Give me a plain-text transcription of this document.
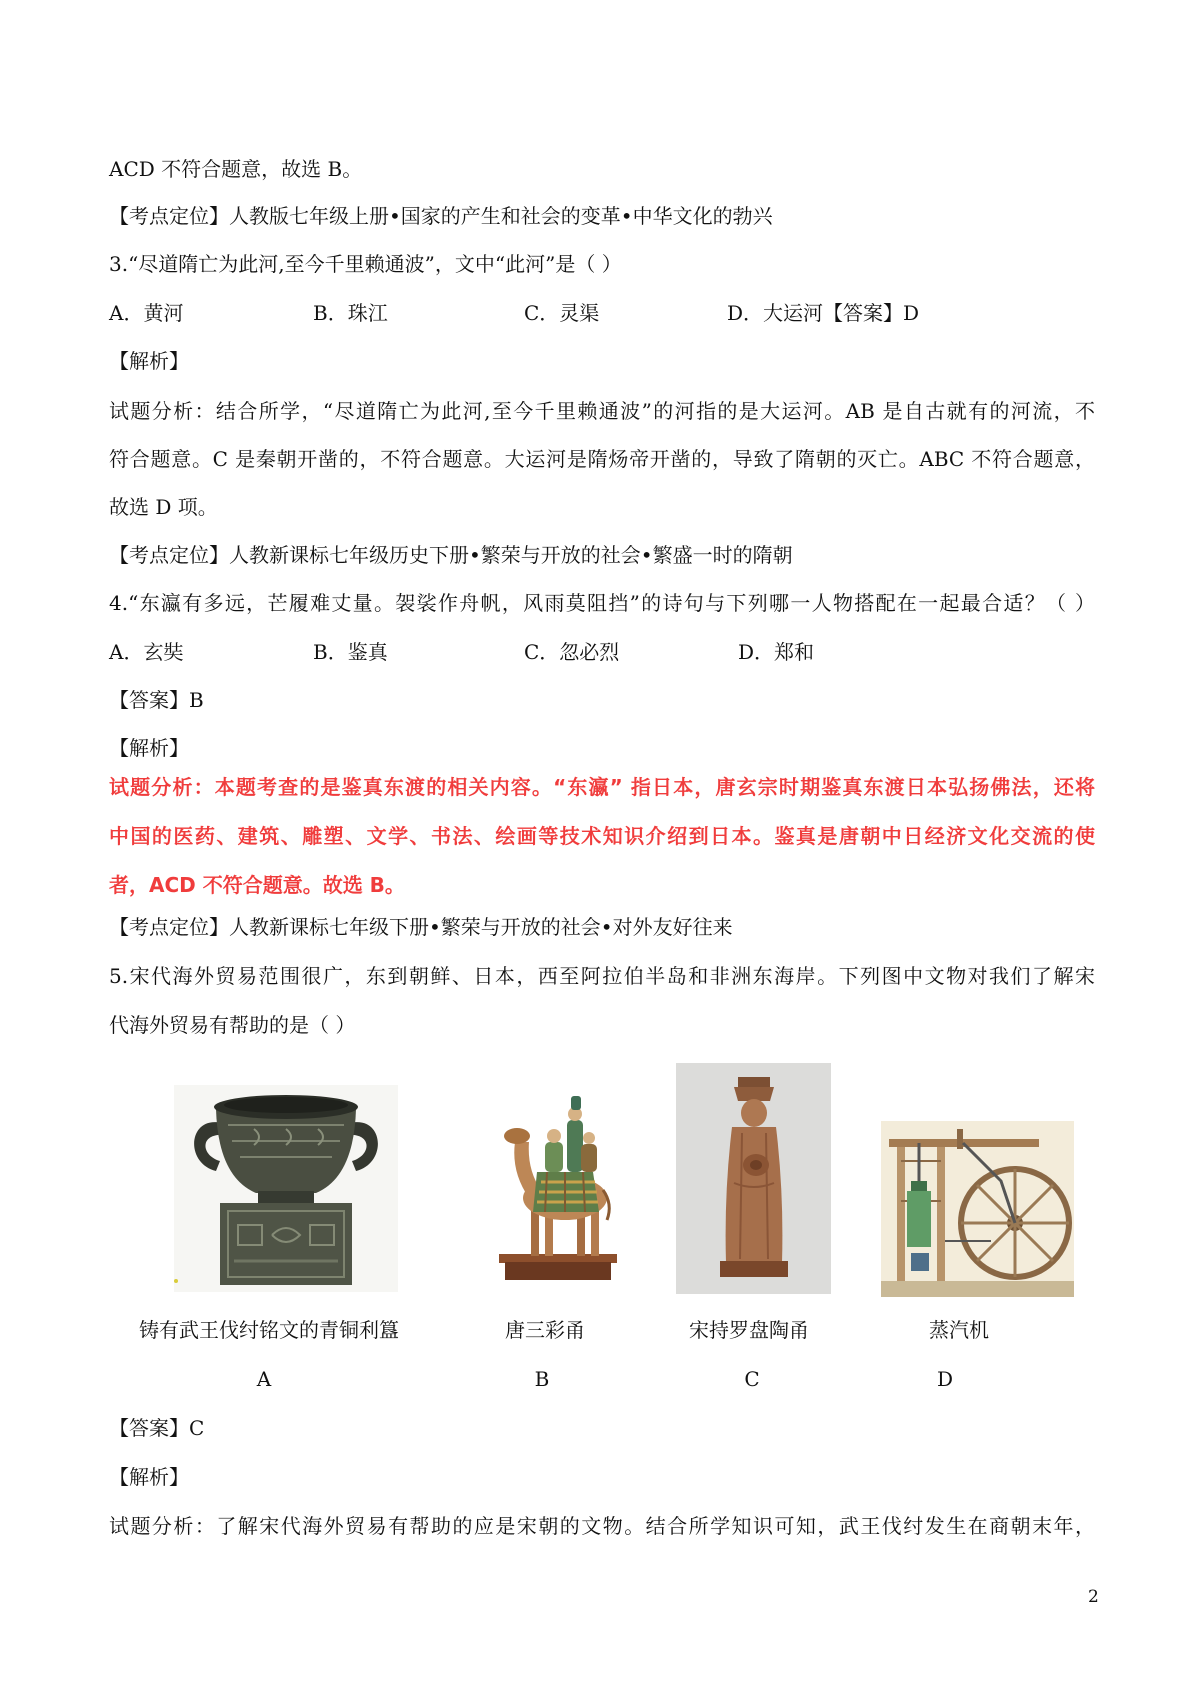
ACD 不符合题意，故选 B。
【考点定位】人教版七年级上册•国家的产生和社会的变革•中华文化的勃兴
3.“尽道隋亡为此河,至今千里赖通波”，文中“此河”是（ ）
A．黄河	B．珠江	C．灵渠	D．大运河【答案】D
【解析】
试题分析：结合所学，“尽道隋亡为此河,至今千里赖通波”的河指的是大运河。AB 是自古就有的河流，不
符合题意。C 是秦朝开凿的，不符合题意。大运河是隋炀帝开凿的，导致了隋朝的灭亡。ABC 不符合题意，
故选 D 项。
【考点定位】人教新课标七年级历史下册•繁荣与开放的社会•繁盛一时的隋朝
4.“东瀛有多远，芒履难丈量。袈裟作舟帆，风雨莫阻挡”的诗句与下列哪一人物搭配在一起最合适？（ ）
A．玄奘	B．鉴真	C．忽必烈	D．郑和
【答案】B
【解析】
试题分析：本题考查的是鉴真东渡的相关内容。“东瀛” 指日本，唐玄宗时期鉴真东渡日本弘扬佛法，还将
中国的医药、建筑、雕塑、文学、书法、绘画等技术知识介绍到日本。鉴真是唐朝中日经济文化交流的使
者，ACD 不符合题意。故选 B。
【考点定位】人教新课标七年级下册•繁荣与开放的社会•对外友好往来
5.宋代海外贸易范围很广，东到朝鲜、日本，西至阿拉伯半岛和非洲东海岸。下列图中文物对我们了解宋
代海外贸易有帮助的是（ ）
铸有武王伐纣铭文的青铜利簋	唐三彩甬	宋持罗盘陶甬	蒸汽机
A	B	C	D
【答案】C
【解析】
试题分析：了解宋代海外贸易有帮助的应是宋朝的文物。结合所学知识可知，武王伐纣发生在商朝末年，
2
